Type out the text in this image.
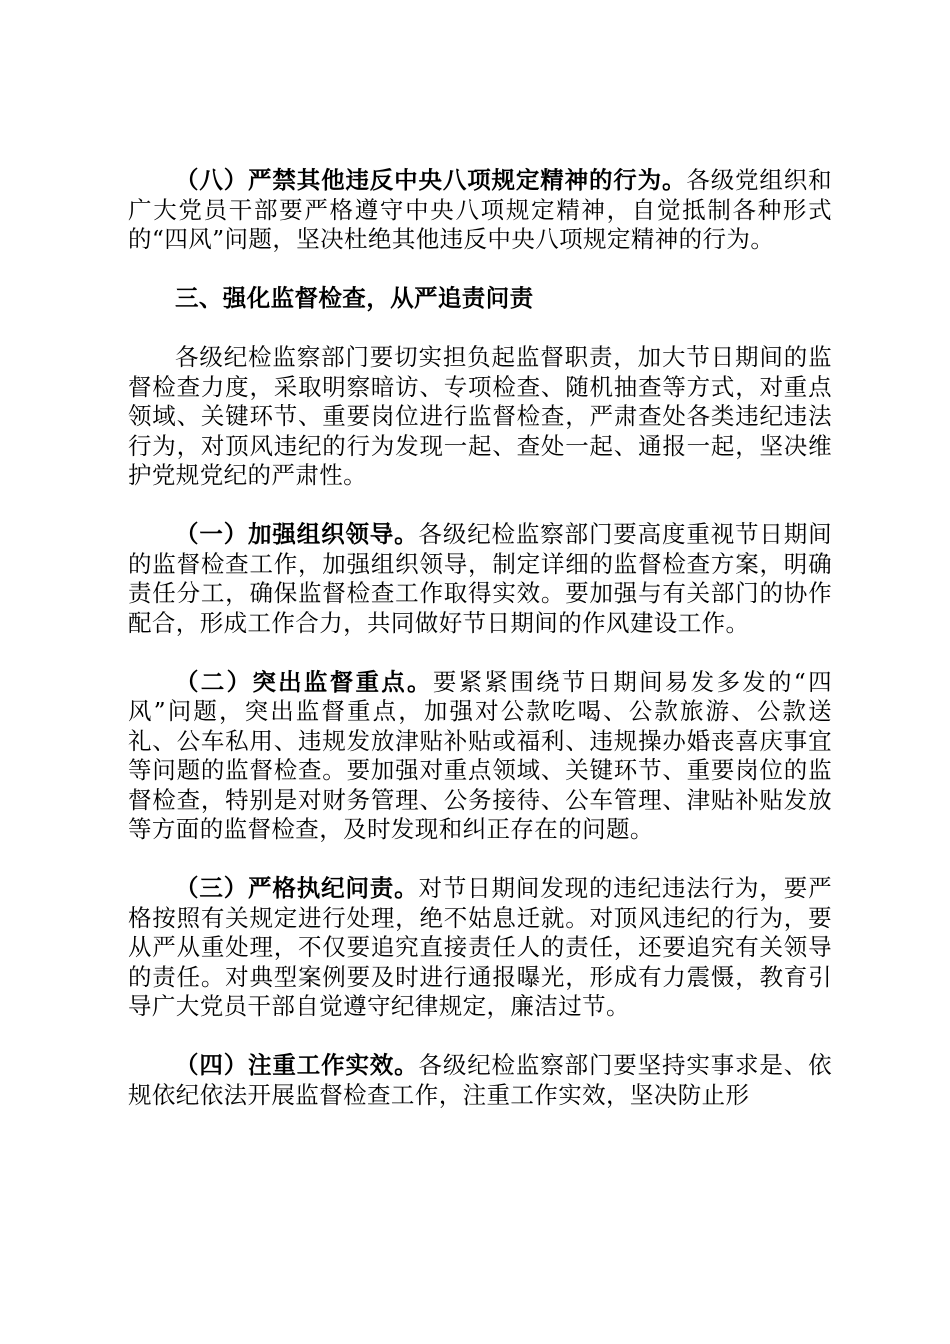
（八）严禁其他违反中央八项规定精神的行为。各级党组织和广大党员干部要严格遵守中央八项规定精神，自觉抵制各种形式的“四风”问题，坚决杜绝其他违反中央八项规定精神的行为。

三、强化监督检查，从严追责问责

各级纪检监察部门要切实担负起监督职责，加大节日期间的监督检查力度，采取明察暗访、专项检查、随机抽查等方式，对重点领域、关键环节、重要岗位进行监督检查，严肃查处各类违纪违法行为，对顶风违纪的行为发现一起、查处一起、通报一起，坚决维护党规党纪的严肃性。

（一）加强组织领导。各级纪检监察部门要高度重视节日期间的监督检查工作，加强组织领导，制定详细的监督检查方案，明确责任分工，确保监督检查工作取得实效。要加强与有关部门的协作配合，形成工作合力，共同做好节日期间的作风建设工作。

（二）突出监督重点。要紧紧围绕节日期间易发多发的“四风”问题，突出监督重点，加强对公款吃喝、公款旅游、公款送礼、公车私用、违规发放津贴补贴或福利、违规操办婚丧喜庆事宜等问题的监督检查。要加强对重点领域、关键环节、重要岗位的监督检查，特别是对财务管理、公务接待、公车管理、津贴补贴发放等方面的监督检查，及时发现和纠正存在的问题。

（三）严格执纪问责。对节日期间发现的违纪违法行为，要严格按照有关规定进行处理，绝不姑息迁就。对顶风违纪的行为，要从严从重处理，不仅要追究直接责任人的责任，还要追究有关领导的责任。对典型案例要及时进行通报曝光，形成有力震慑，教育引导广大党员干部自觉遵守纪律规定，廉洁过节。

（四）注重工作实效。各级纪检监察部门要坚持实事求是、依规依纪依法开展监督检查工作，注重工作实效，坚决防止形
